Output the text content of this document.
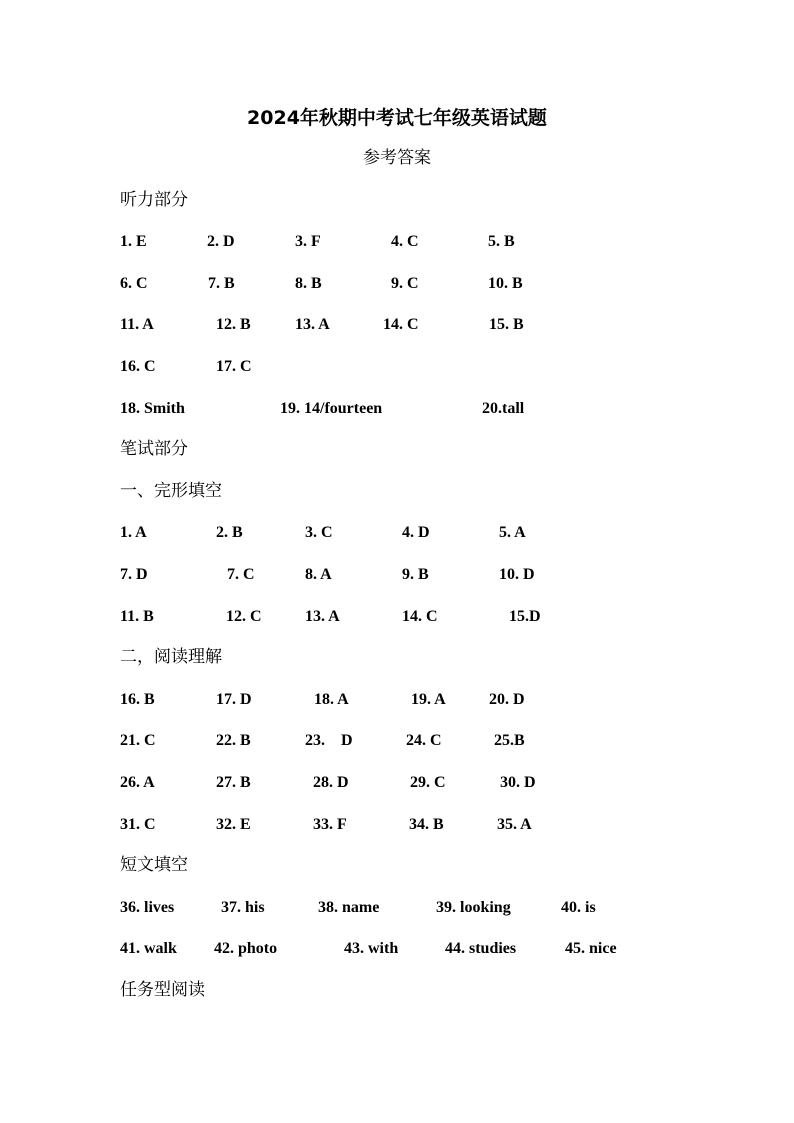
2024年秋期中考试七年级英语试题
参考答案
听力部分
1. E	2. D	3. F	4. C	5. B
6. C	7. B	8. B	9. C	10. B
11. A	12. B	13. A	14. C	15. B
16. C	17. C
18. Smith	19. 14/fourteen	20.tall
笔试部分
一、完形填空
1. A	2. B	3. C	4. D	5. A
7. D	7. C	8. A	9. B	10. D
11. B	12. C	13. A	14. C	15.D
二，阅读理解
16. B	17. D	18. A	19. A	20. D
21. C	22. B	23.    D	24. C	25.B
26. A	27. B	28. D	29. C	30. D
31. C	32. E	33. F	34. B	35. A
短文填空
36. lives	37. his	38. name	39. looking	40. is
41. walk 42. photo	43. with	44. studies	45. nice
任务型阅读
